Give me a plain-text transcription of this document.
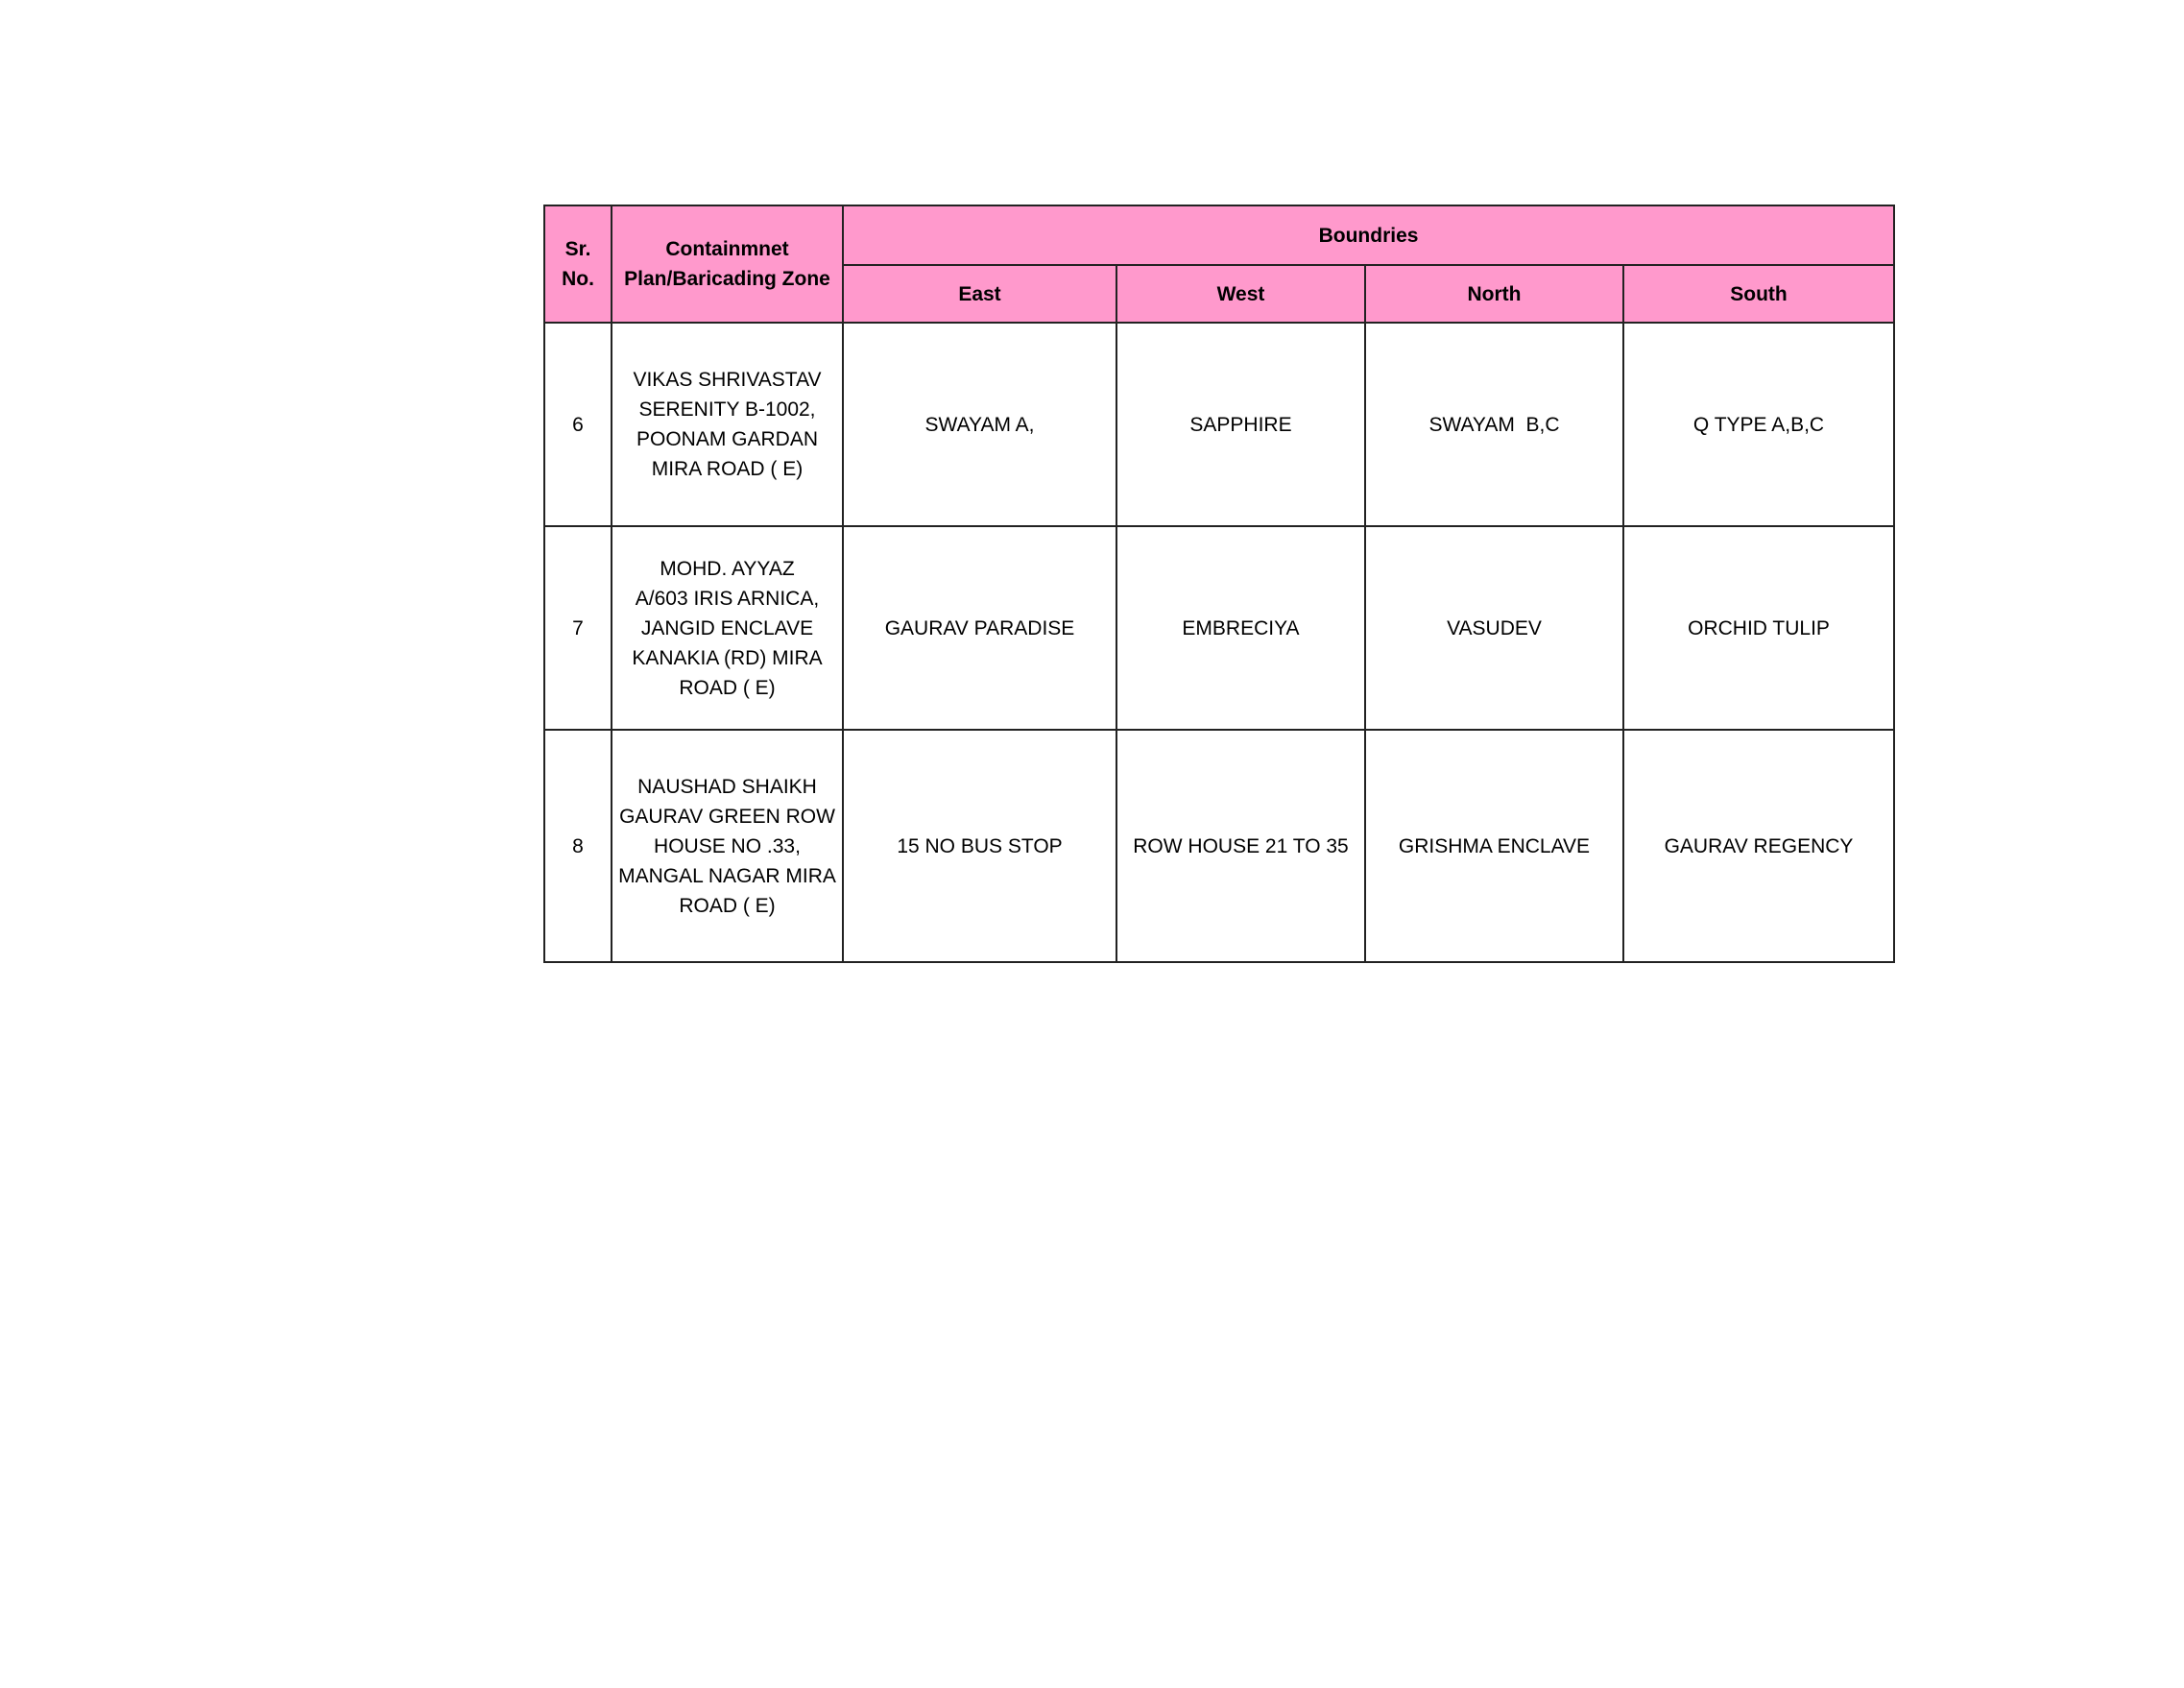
Sr.
No.	Containmnet
Plan/Baricading Zone	Boundries			
		East	West	North	South
6	VIKAS SHRIVASTAV
SERENITY B-1002,
POONAM GARDAN
MIRA ROAD ( E)	SWAYAM A,	SAPPHIRE	SWAYAM  B,C	Q TYPE A,B,C
7	MOHD. AYYAZ
A/603 IRIS ARNICA,
JANGID ENCLAVE
KANAKIA (RD) MIRA
ROAD ( E)	GAURAV PARADISE	EMBRECIYA	VASUDEV	ORCHID TULIP
8	NAUSHAD SHAIKH
GAURAV GREEN ROW
HOUSE NO .33,
MANGAL NAGAR MIRA
ROAD ( E)	15 NO BUS STOP	ROW HOUSE 21 TO 35	GRISHMA ENCLAVE	GAURAV REGENCY
